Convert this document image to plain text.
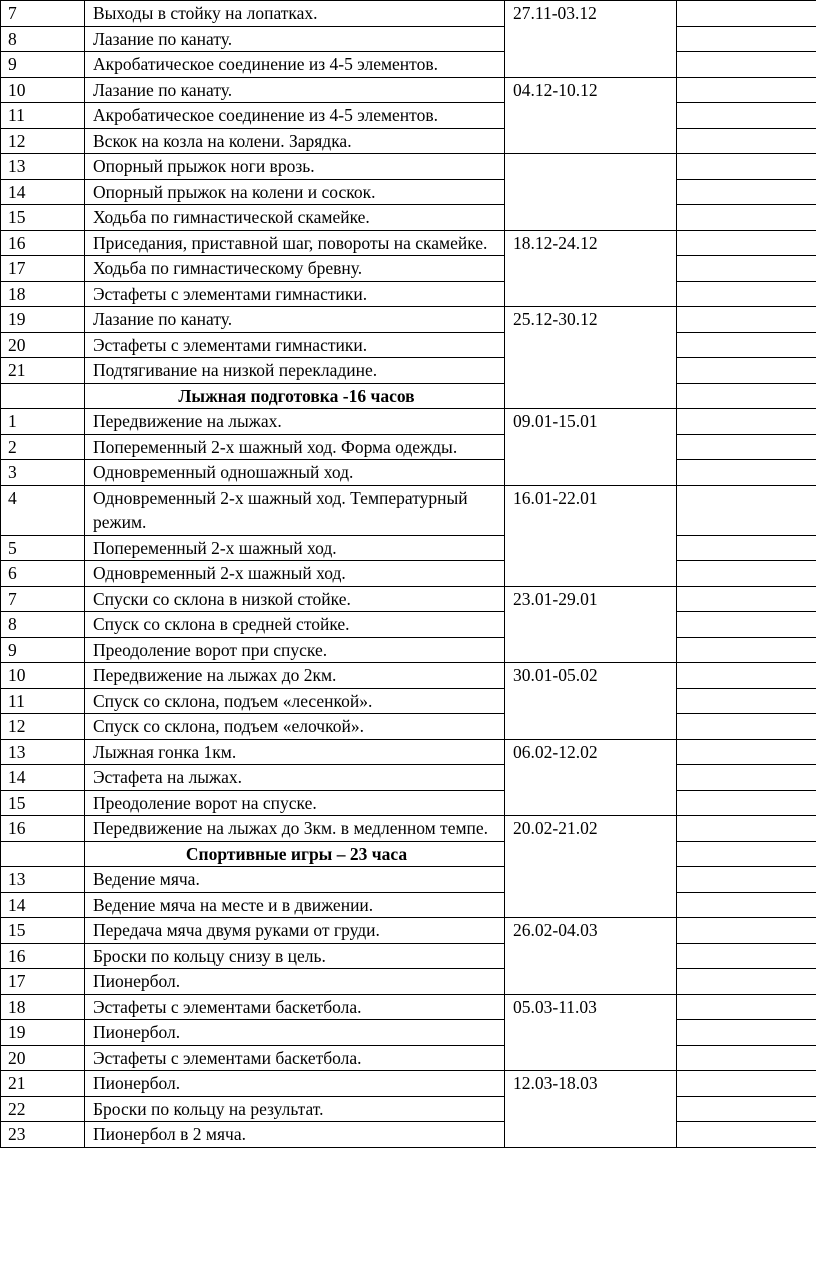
7	Выходы в стойку на лопатках.	27.11-03.12	
8	Лазание по канату.		
9	Акробатическое соединение из 4-5 элементов.		
10	Лазание по канату.	04.12-10.12	
11	Акробатическое соединение из 4-5 элементов.		
12	Вскок на козла на колени. Зарядка.		
13	Опорный прыжок ноги врозь.		
14	Опорный прыжок на колени и соскок.		
15	Ходьба по гимнастической скамейке.		
16	Приседания, приставной шаг, повороты на скамейке.	18.12-24.12	
17	Ходьба по гимнастическому бревну.		
18	Эстафеты с элементами гимнастики.		
19	Лазание по канату.	25.12-30.12	
20	Эстафеты с элементами гимнастики.		
21	Подтягивание на низкой перекладине.		
	Лыжная подготовка -16 часов		
1	Передвижение на лыжах.	09.01-15.01	
2	Попеременный 2-х шажный ход. Форма одежды.		
3	Одновременный одношажный ход.		
4	Одновременный 2-х шажный ход. Температурный режим.	16.01-22.01	
5	Попеременный 2-х шажный ход.		
6	Одновременный 2-х шажный ход.		
7	Спуски со склона в низкой стойке.	23.01-29.01	
8	Спуск со склона в средней стойке.		
9	Преодоление ворот при спуске.		
10	Передвижение на лыжах до 2км.	30.01-05.02	
11	Спуск со склона, подъем «лесенкой».		
12	Спуск со склона, подъем «елочкой».		
13	Лыжная гонка 1км.	06.02-12.02	
14	Эстафета на лыжах.		
15	Преодоление ворот на спуске.		
16	Передвижение на лыжах до 3км. в медленном темпе.	20.02-21.02	
	Спортивные игры – 23 часа		
13	Ведение мяча.		
14	Ведение мяча на месте и в движении.		
15	Передача мяча двумя руками от груди.	26.02-04.03	
16	Броски по кольцу снизу в цель.		
17	Пионербол.		
18	Эстафеты с элементами баскетбола.	05.03-11.03	
19	Пионербол.		
20	Эстафеты с элементами баскетбола.		
21	Пионербол.	12.03-18.03	
22	Броски по кольцу на результат.		
23	Пионербол в 2 мяча.		
